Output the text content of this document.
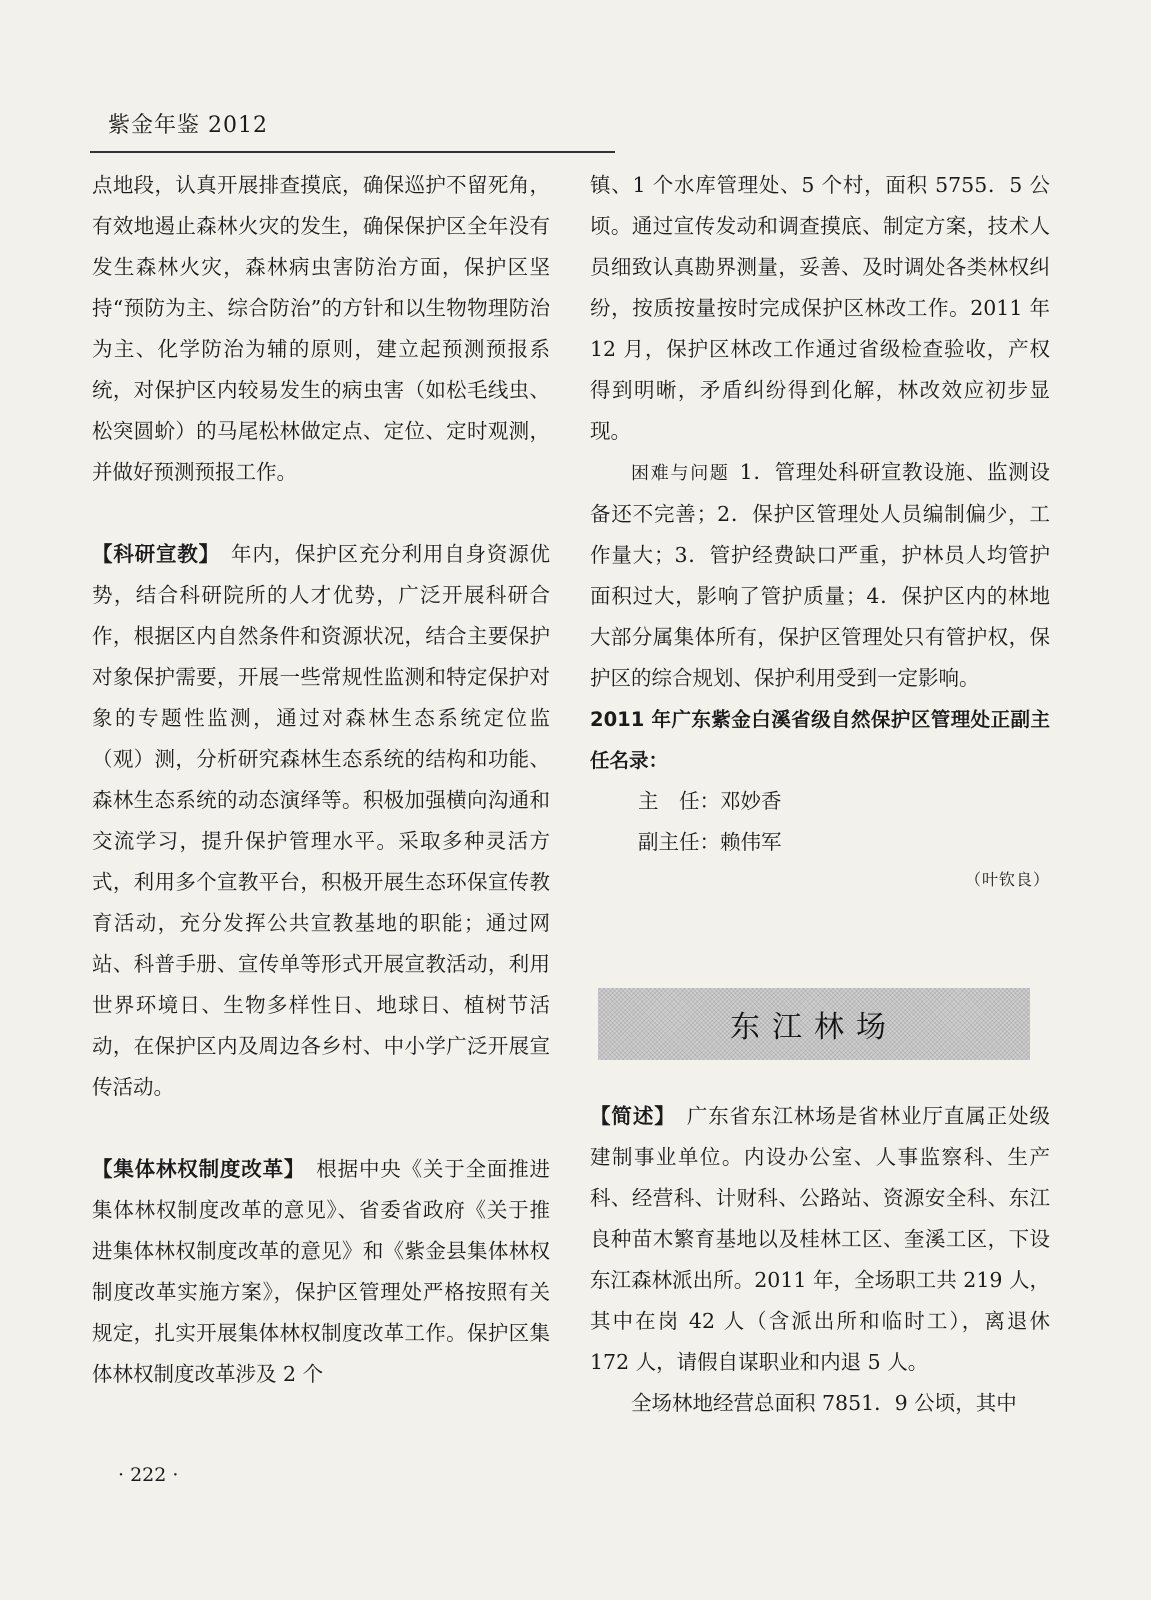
紫金年鉴 2012

点地段，认真开展排查摸底，确保巡护不留死角，有效地遏止森林火灾的发生，确保保护区全年没有发生森林火灾，森林病虫害防治方面，保护区坚持“预防为主、综合防治”的方针和以生物物理防治为主、化学防治为辅的原则，建立起预测预报系统，对保护区内较易发生的病虫害（如松毛线虫、松突圆蚧）的马尾松林做定点、定位、定时观测，并做好预测预报工作。

【科研宣教】　 年内，保护区充分利用自身资源优势，结合科研院所的人才优势，广泛开展科研合作，根据区内自然条件和资源状况，结合主要保护对象保护需要，开展一些常规性监测和特定保护对象的专题性监测，通过对森林生态系统定位监（观）测，分析研究森林生态系统的结构和功能、森林生态系统的动态演绎等。积极加强横向沟通和交流学习，提升保护管理水平。采取多种灵活方式，利用多个宣教平台，积极开展生态环保宣传教育活动，充分发挥公共宣教基地的职能；通过网站、科普手册、宣传单等形式开展宣教活动，利用世界环境日、生物多样性日、地球日、植树节活动，在保护区内及周边各乡村、中小学广泛开展宣传活动。

【集体林权制度改革】　 根据中央《关于全面推进集体林权制度改革的意见》、省委省政府《关于推进集体林权制度改革的意见》和《紫金县集体林权制度改革实施方案》，保护区管理处严格按照有关规定，扎实开展集体林权制度改革工作。保护区集体林权制度改革涉及 2 个

镇、1 个水库管理处、5 个村，面积 5755．5 公顷。通过宣传发动和调查摸底、制定方案，技术人员细致认真勘界测量，妥善、及时调处各类林权纠纷，按质按量按时完成保护区林改工作。2011 年 12 月，保护区林改工作通过省级检查验收，产权得到明晰，矛盾纠纷得到化解，林改效应初步显现。

困难与问题 1．管理处科研宣教设施、监测设备还不完善；2．保护区管理处人员编制偏少，工作量大；3．管护经费缺口严重，护林员人均管护面积过大，影响了管护质量；4．保护区内的林地大部分属集体所有，保护区管理处只有管护权，保护区的综合规划、保护利用受到一定影响。

2011 年广东紫金白溪省级自然保护区管理处正副主任名录：

主　任：邓妙香

副主任：赖伟军

（叶钦良）

东江林场

【简述】　 广东省东江林场是省林业厅直属正处级建制事业单位。内设办公室、人事监察科、生产科、经营科、计财科、公路站、资源安全科、东江良种苗木繁育基地以及桂林工区、奎溪工区，下设东江森林派出所。2011 年，全场职工共 219 人，其中在岗 42 人（含派出所和临时工），离退休 172 人，请假自谋职业和内退 5 人。

全场林地经营总面积 7851．9 公顷，其中

· 222 ·
